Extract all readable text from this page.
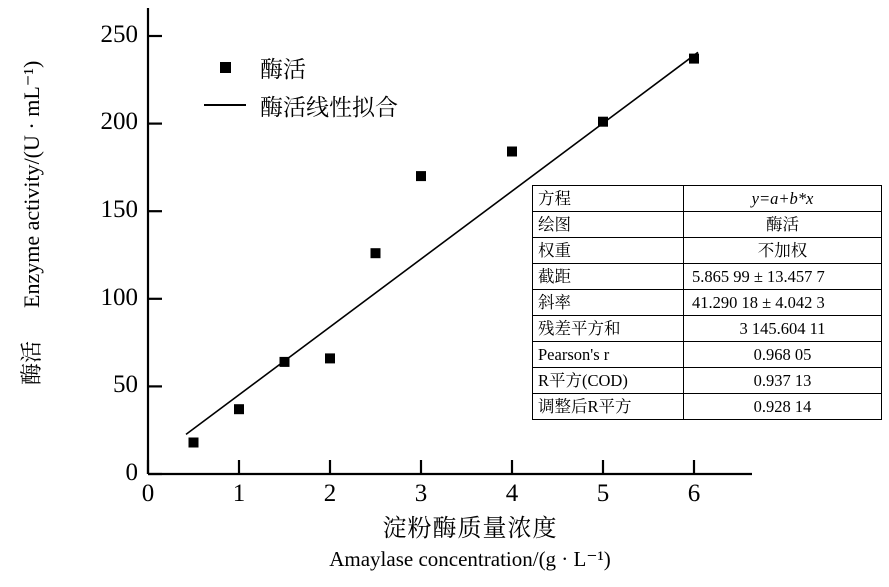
0
50
100
150
200
250
0	1	2	3	4	5	6
酶活  Enzyme activity/(U · mL⁻¹)
淀粉酶质量浓度
Amaylase concentration/(g · L⁻¹)
酶活
酶活线性拟合
方程	y=a+b*x
绘图	酶活
权重	不加权
截距	5.865 99 ± 13.457 7
斜率	41.290 18 ± 4.042 3
残差平方和	3 145.604 11
Pearson's r	0.968 05
R平方(COD)	0.937 13
调整后R平方	0.928 14
